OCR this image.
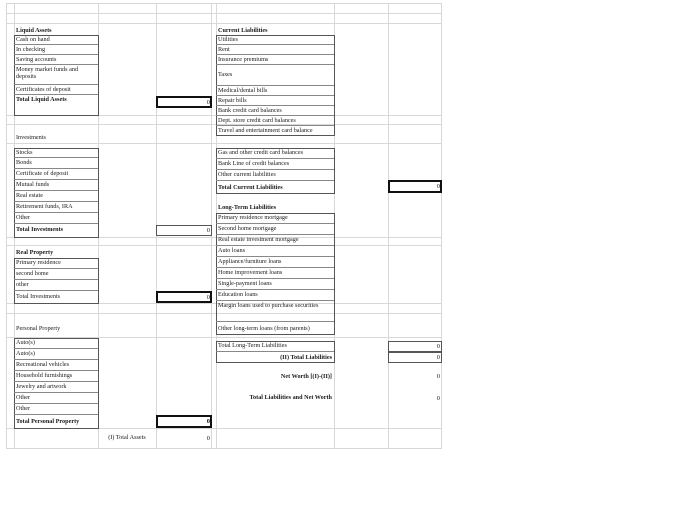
Liquid Assets
Cash on hand
In checking
Saving accounts
Money market funds and deposits
Certificates of deposit
Total Liquid Assets	0
Investments
Stocks
Bonds
Certificate of deposit
Mutual funds
Real estate
Retirement funds, IRA
Other
Total Investments	0
Real Property
Primary residence
second home
other
Total Investments	0
Personal Property
Auto(s)
Auto(s)
Recreational vehicles
Household furnishings
Jewelry and artwork
Other
Other
Total Personal Property	0
(I) Total Assets	0
Current Liabilities
Utilities
Rent
Insurance premiums
Taxes
Medical/dental bills
Repair bills
Bank credit card balances
Dept. store credit card balances
Travel and entertainment card balance
Gas and other credit card balances
Bank Line of credit balances
Other current liabilities
Total Current Liabilities	0
Long-Term Liabilities
Primary residence mortgage
Second home mortgage
Real estate investment mortgage
Auto loans
Appliance/furniture loans
Home improvement loans
Single-payment loans
Education loans
Margin loans used to purchase securities
Other long-term loans (from parents)
Total Long-Term Liabilities	0
(II) Total Liabilities	0
Net Worth [(I)-(II)]	0
Total Liabilities and Net Worth	0
